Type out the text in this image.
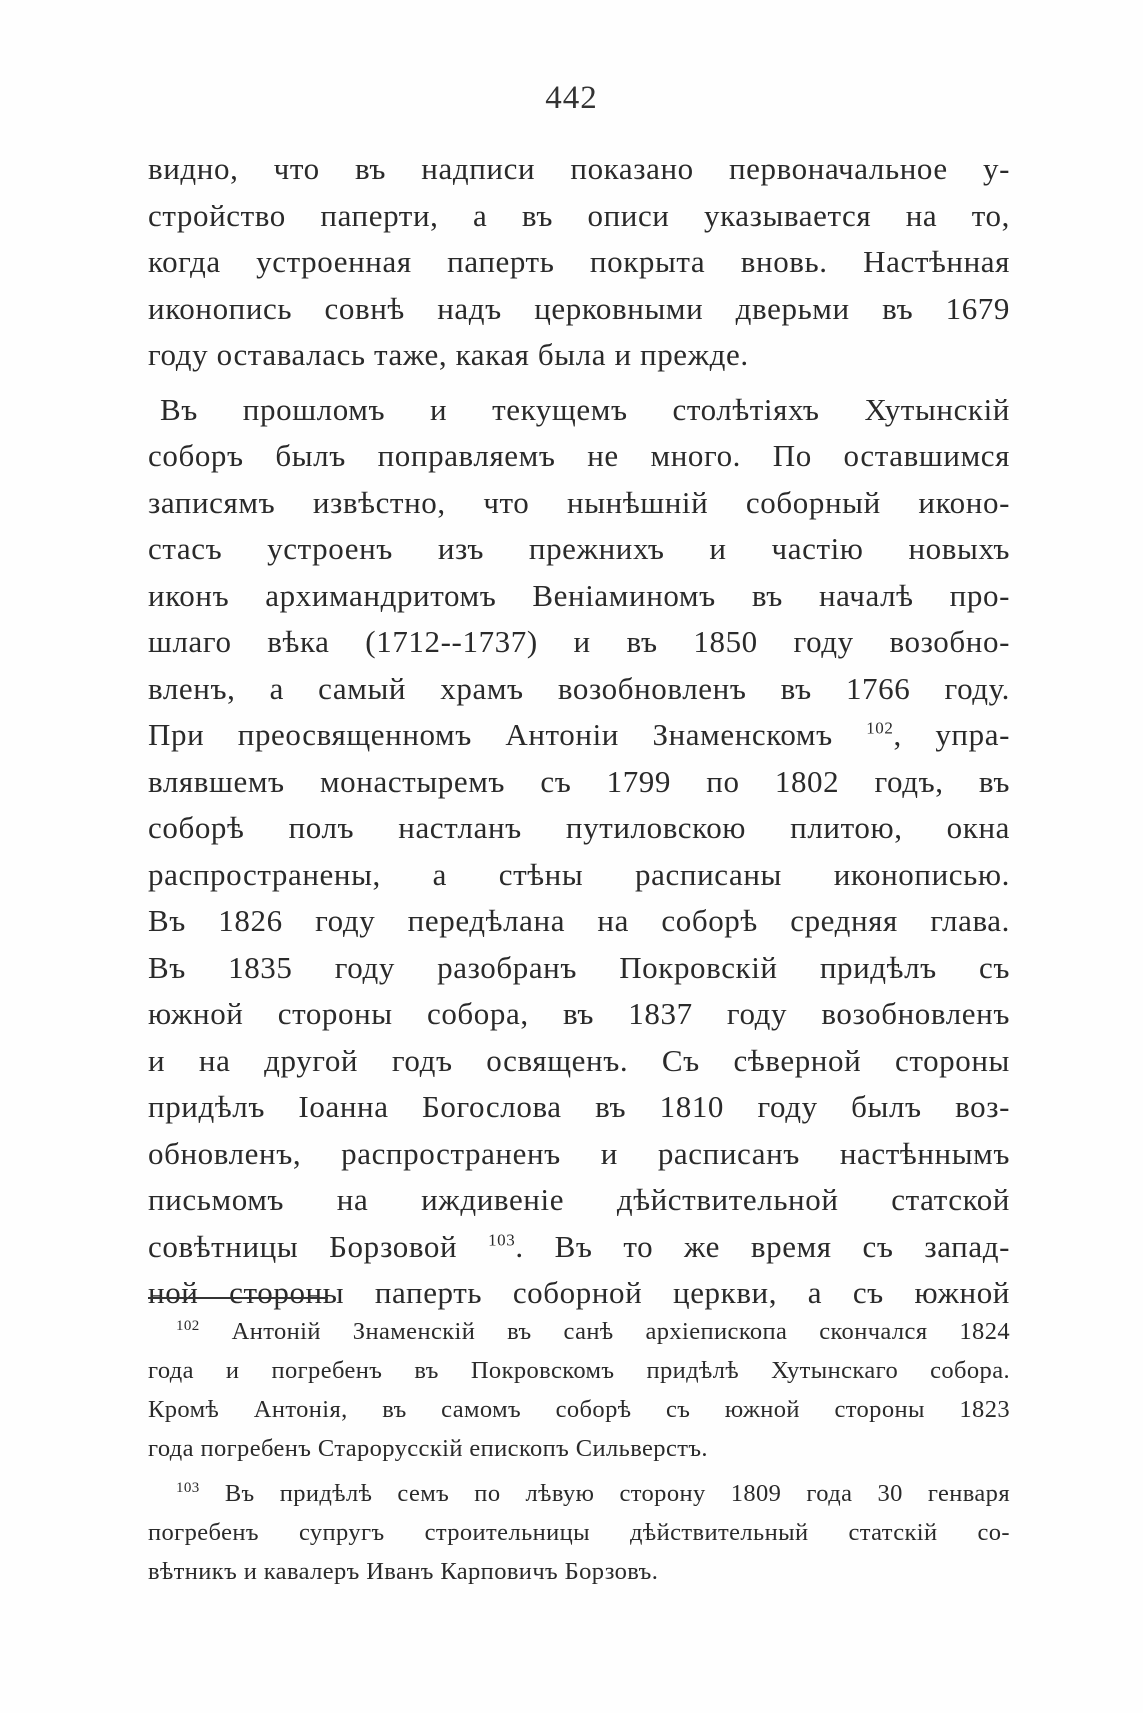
442
видно, что въ надписи показано первоначальное у-
стройство паперти, а въ описи указывается на то,
когда устроенная паперть покрыта вновь. Настѣнная
иконопись совнѣ надъ церковными дверьми въ 1679
году оставалась таже, какая была и прежде.
Въ прошломъ и текущемъ столѣтіяхъ Хутынскій
соборъ былъ поправляемъ не много. По оставшимся
записямъ извѣстно, что нынѣшній соборный иконо-
стасъ устроенъ изъ прежнихъ и частію новыхъ
иконъ архимандритомъ Веніаминомъ въ началѣ про-
шлаго вѣка (1712--1737) и въ 1850 году возобно-
вленъ, а самый храмъ возобновленъ въ 1766 году.
При преосвященномъ Антоніи Знаменскомъ $^{102}$, упра-
влявшемъ монастыремъ съ 1799 по 1802 годъ, въ
соборѣ полъ настланъ путиловскою плитою, окна
распространены, а стѣны расписаны иконописью.
Въ 1826 году передѣлана на соборѣ средняя глава.
Въ 1835 году разобранъ Покровскій придѣлъ съ
южной стороны собора, въ 1837 году возобновленъ
и на другой годъ освященъ. Съ сѣверной стороны
придѣлъ Іоанна Богослова въ 1810 году былъ воз-
обновленъ, распространенъ и расписанъ настѣннымъ
письмомъ на иждивеніе дѣйствительной статской
совѣтницы Борзовой $^{103}$. Въ то же время съ запад-
ной стороны паперть соборной церкви, а съ южной
$^{102}$ Антоній Знаменскій въ санѣ архіепископа скончался 1824
года и погребенъ въ Покровскомъ придѣлѣ Хутынскаго собора.
Кромѣ Антонія, въ самомъ соборѣ съ южной стороны 1823
года погребенъ Старорусскій епископъ Сильверстъ.
$^{103}$ Въ придѣлѣ семъ по лѣвую сторону 1809 года 30 генваря
погребенъ супругъ строительницы дѣйствительный статскій со-
вѣтникъ и кавалеръ Иванъ Карповичъ Борзовъ.
